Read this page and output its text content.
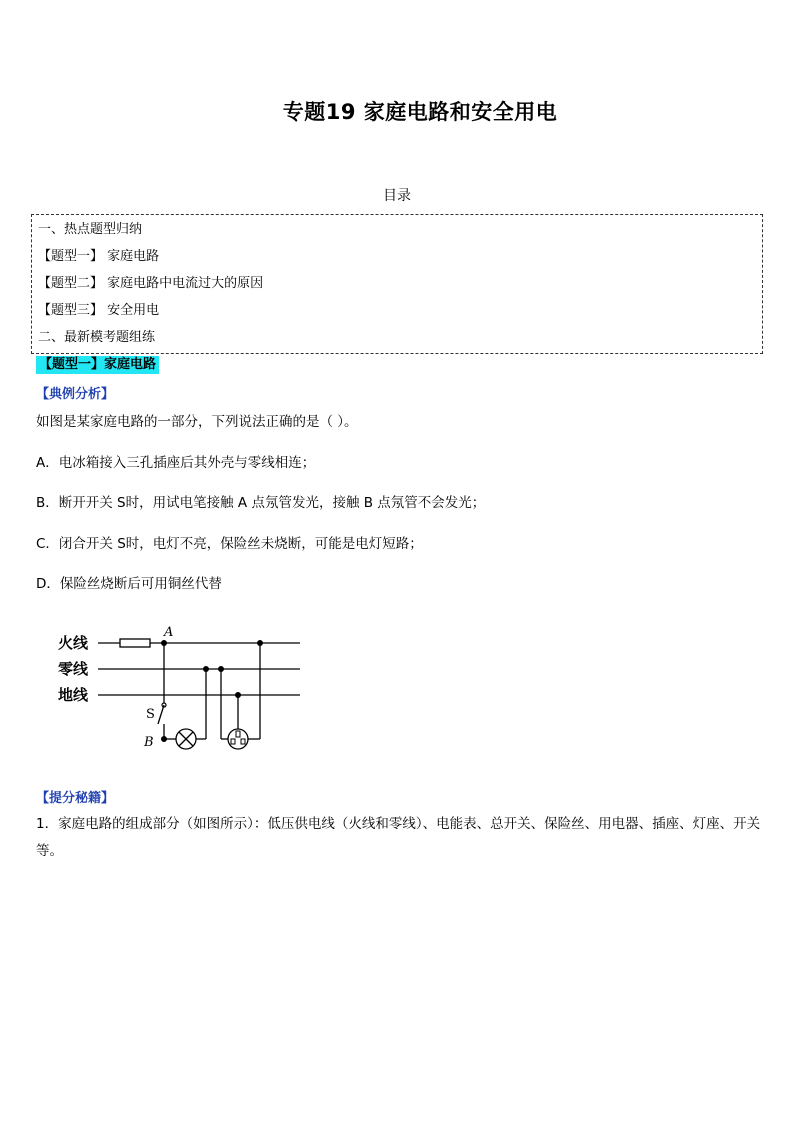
专题19 家庭电路和安全用电
目录
一、热点题型归纳
【题型一】 家庭电路
【题型二】 家庭电路中电流过大的原因
【题型三】 安全用电
二、最新模考题组练
【题型一】家庭电路
【典例分析】
如图是某家庭电路的一部分，下列说法正确的是（ ）。
A．电冰箱接入三孔插座后其外壳与零线相连；
B．断开开关 S时，用试电笔接触 A 点氖管发光，接触 B 点氖管不会发光；
C．闭合开关 S时，电灯不亮，保险丝未烧断，可能是电灯短路；
D．保险丝烧断后可用铜丝代替
火线
零线
地线
A
S
B
【提分秘籍】
1．家庭电路的组成部分（如图所示）：低压供电线（火线和零线）、电能表、总开关、保险丝、用电器、插座、灯座、开关等。
